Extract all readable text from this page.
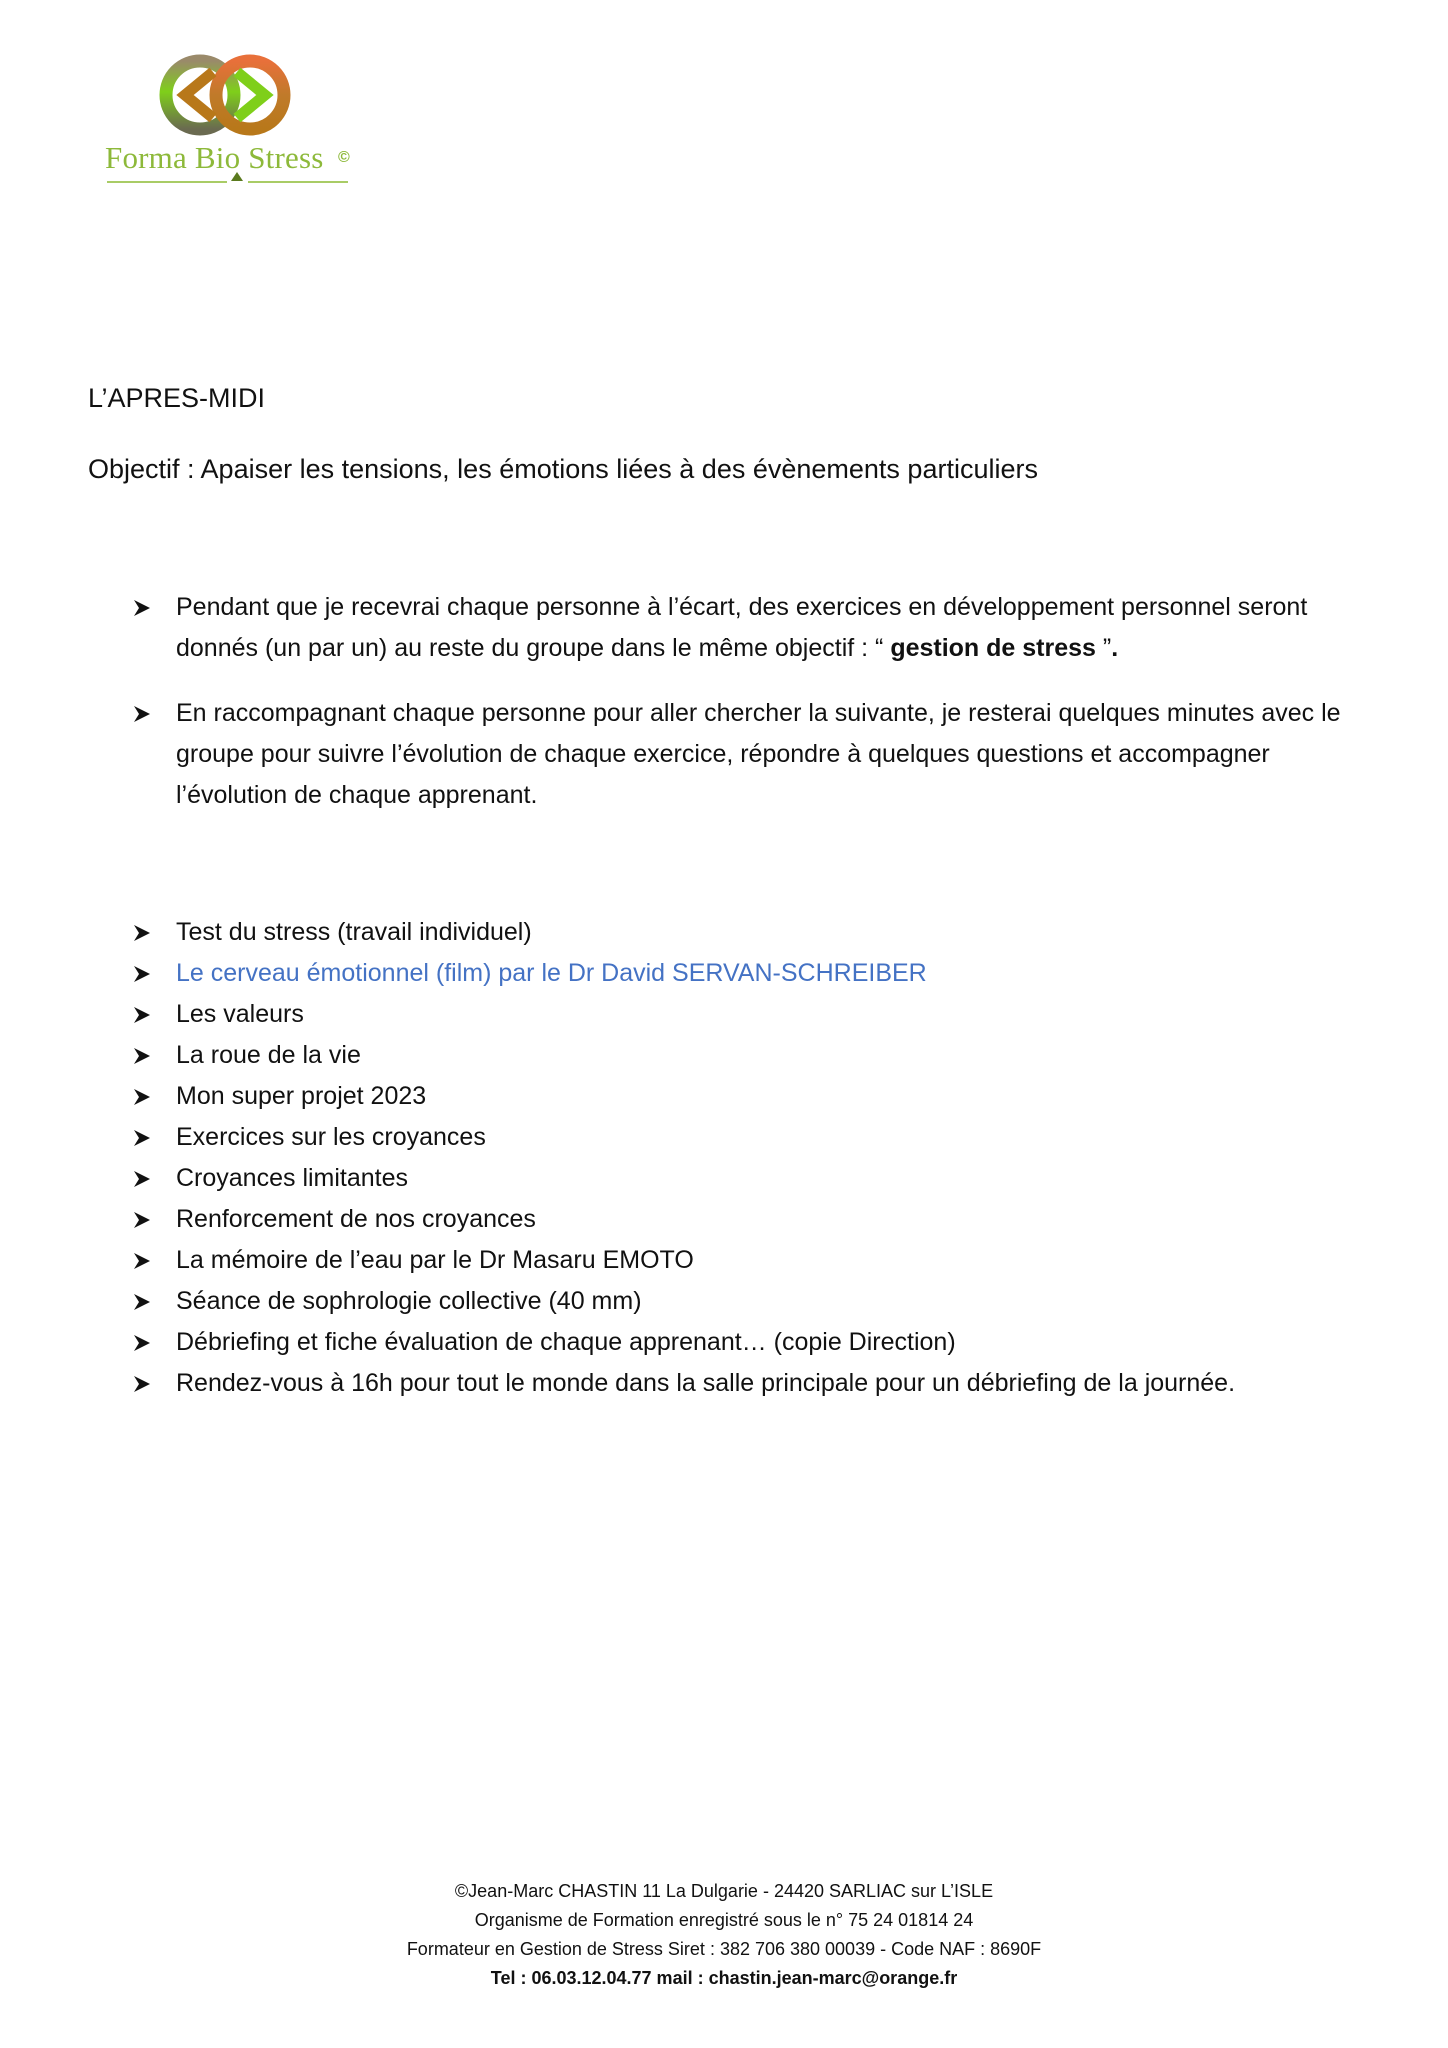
Forma Bio Stress ©
L’APRES-MIDI
Objectif : Apaiser les tensions, les émotions liées à des évènements particuliers
Pendant que je recevrai chaque personne à l’écart, des exercices en développement personnel seront donnés (un par un) au reste du groupe dans le même objectif : “ gestion de stress ”.
En raccompagnant chaque personne pour aller chercher la suivante, je resterai quelques minutes avec le groupe pour suivre l’évolution de chaque exercice, répondre à quelques questions et accompagner l’évolution de chaque apprenant.
Test du stress (travail individuel)
Le cerveau émotionnel (film) par le Dr David SERVAN-SCHREIBER
Les valeurs
La roue de la vie
Mon super projet 2023
Exercices sur les croyances
Croyances limitantes
Renforcement de nos croyances
La mémoire de l’eau par le Dr Masaru EMOTO
Séance de sophrologie collective (40 mm)
Débriefing et fiche évaluation de chaque apprenant… (copie Direction)
Rendez-vous à 16h pour tout le monde dans la salle principale pour un débriefing de la journée.
©Jean-Marc CHASTIN 11 La Dulgarie - 24420 SARLIAC sur L’ISLE
Organisme de Formation enregistré sous le n° 75 24 01814 24
Formateur en Gestion de Stress Siret : 382 706 380 00039 - Code NAF : 8690F
Tel : 06.03.12.04.77 mail : chastin.jean-marc@orange.fr
